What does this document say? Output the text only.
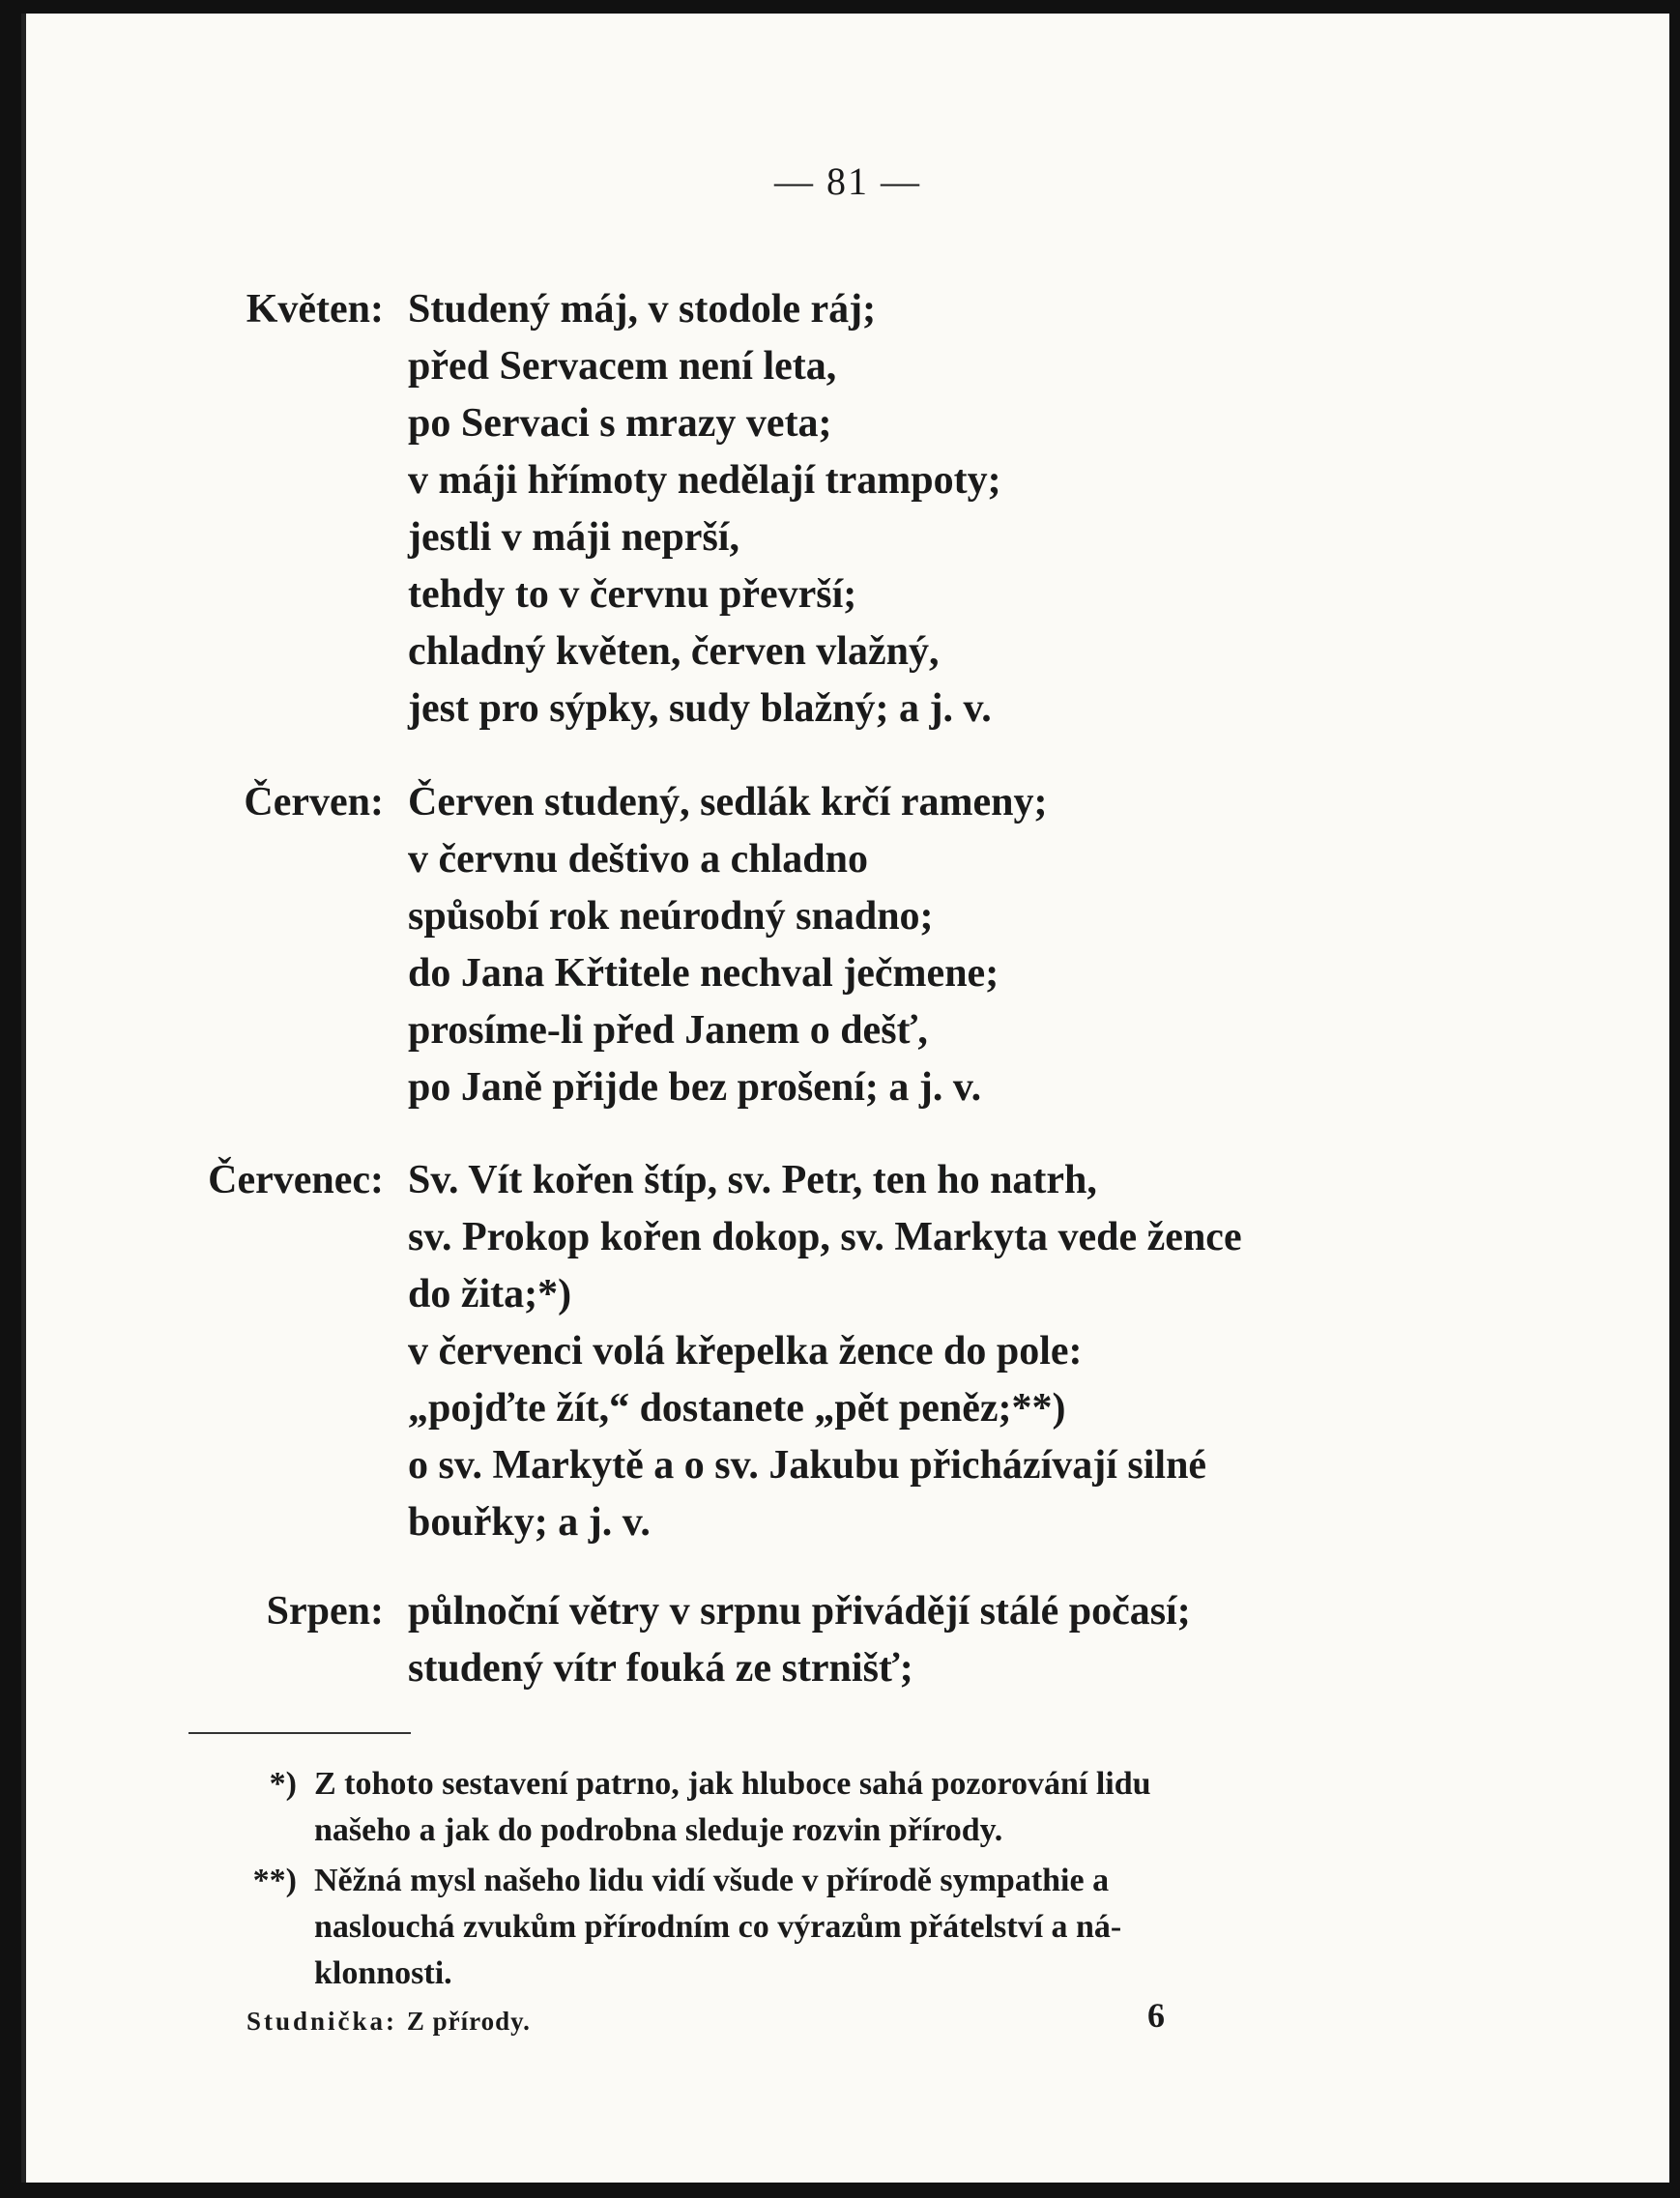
— 81 —
Květen: Studený máj, v stodole ráj;
před Servacem není leta,
po Servaci s mrazy veta;
v máji hřímoty nedělají trampoty;
jestli v máji neprší,
tehdy to v červnu převrší;
chladný květen, červen vlažný,
jest pro sýpky, sudy blažný; a j. v.
Červen: Červen studený, sedlák krčí rameny;
v červnu deštivo a chladno
spůsobí rok neúrodný snadno;
do Jana Křtitele nechval ječmene;
prosíme-li před Janem o dešť,
po Janě přijde bez prošení; a j. v.
Červenec: Sv. Vít kořen štíp, sv. Petr, ten ho natrh,
sv. Prokop kořen dokop, sv. Markyta vede žence
do žita;*)
v červenci volá křepelka žence do pole:
„pojďte žít,“ dostanete „pět peněz;**)
o sv. Markytě a o sv. Jakubu přicházívají silné
bouřky; a j. v.
Srpen: půlnoční větry v srpnu přivádějí stálé počasí;
studený vítr fouká ze strnišť;
*) Z tohoto sestavení patrno, jak hluboce sahá pozorování lidu
našeho a jak do podrobna sleduje rozvin přírody.
**) Něžná mysl našeho lidu vidí všude v přírodě sympathie a
naslouchá zvukům přírodním co výrazům přátelství a ná-
klonnosti.
Studnička: Z přírody.	6
